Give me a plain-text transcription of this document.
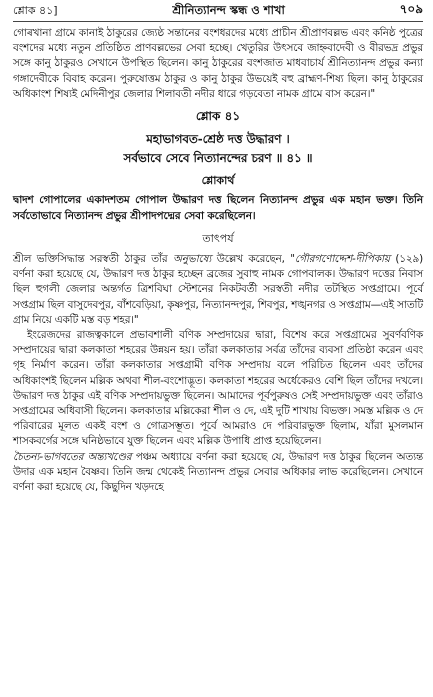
শ্লোক ৪১]	শ্রীনিত্যানন্দ স্কন্ধ ও শাখা	৭০৯

গোৰখানা গ্রামে কানাই ঠাকুরের জ্যেষ্ঠ সন্তানের বংশধরদের মধ্যে প্রাচীন শ্রীপ্রাণবল্লভ এবং কনিষ্ঠ পুত্রের বংশদের মধ্যে নতুন প্রতিষ্ঠিত প্রাণবল্লভের সেবা হচ্ছে। খেতুরির উৎসবে জাহ্নবাদেবী ও বীরভদ্র প্রভুর সঙ্গে কানু ঠাকুরও সেখানে উপস্থিত ছিলেন। কানু ঠাকুরের বংশজাত মাধবাচার্য শ্রীনিত্যানন্দ প্রভুর কন্যা গঙ্গাদেবীকে বিবাহ করেন। পুরুষোত্তম ঠাকুর ও কানু ঠাকুর উভয়েই বহু ব্রাহ্মণ-শিষ্য ছিল। কানু ঠাকুরের অধিকাংশ শিষ্যই মেদিনীপুর জেলার শিলাবতী নদীর ধারে গড়বেতা নামক গ্রামে বাস করেন।"

শ্লোক ৪১
মহাভাগবত-শ্রেষ্ঠ দত্ত উদ্ধারণ ।
সর্বভাবে সেবে নিত্যানন্দের চরণ ॥ ৪১ ॥
শ্লোকার্থ

দ্বাদশ গোপালের একাদশতম গোপাল উদ্ধারণ দত্ত ছিলেন নিত্যানন্দ প্রভুর এক মহান ভক্ত। তিনি সর্বতোভাবে নিত্যানন্দ প্রভুর শ্রীপাদপদ্মের সেবা করেছিলেন।

তাৎপর্য

শ্রীল ভক্তিসিদ্ধান্ত সরস্বতী ঠাকুর তাঁর অনুভাষ্যে উল্লেখ করেছেন, "গৌরগণোদ্দেশ-দীপিকায় (১২৯) বর্ণনা করা হয়েছে যে, উদ্ধারণ দত্ত ঠাকুর হচ্ছেন ব্রজের সুবাহু নামক গোপবালক। উদ্ধারণ দত্তের নিবাস ছিল হুগলী জেলার অন্তর্গত ত্রিশবিঘা স্টেশনের নিকটবর্তী সরস্বতী নদীর তটস্থিত সপ্তগ্রামে। পূর্বে সপ্তগ্রাম ছিল বাসুদেবপুর, বাঁশবেড়িয়া, কৃষ্ণপুর, নিত্যানন্দপুর, শিবপুর, শঙ্খনগর ও সপ্তগ্রাম—এই সাতটি গ্রাম নিয়ে একটি মস্ত বড় শহর।"

ইংরেজদের রাজত্বকালে প্রভাবশালী বণিক সম্প্রদায়ের দ্বারা, বিশেষ করে সপ্তগ্রামের সুবর্ণবণিক সম্প্রদায়ের দ্বারা কলকাতা শহরের উন্নয়ন হয়। তাঁরা কলকাতার সর্বত্র তাঁদের ব্যবসা প্রতিষ্ঠা করেন এবং গৃহ নির্মাণ করেন। তাঁরা কলকাতার সপ্তগ্রামী বণিক সম্প্রদায় বলে পরিচিত ছিলেন এবং তাঁদের অধিকাংশই ছিলেন মল্লিক অথবা শীল-বংশোদ্ভূত। কলকাতা শহরের অর্ধেকেরও বেশি ছিল তাঁদের দখলে। উদ্ধারণ দত্ত ঠাকুর এই বণিক সম্প্রদায়ভুক্ত ছিলেন। আমাদের পূর্বপুরুষও সেই সম্প্রদায়ভুক্ত এবং তাঁরাও সপ্তগ্রামের অধিবাসী ছিলেন। কলকাতার মল্লিকেরা শীল ও দে, এই দুটি শাখায় বিভক্ত। সমস্ত মল্লিক ও দে পরিবারের মূলত একই বংশ ও গোত্রসম্ভূত। পূর্বে আমরাও দে পরিবারভুক্ত ছিলাম, যাঁরা মুসলমান শাসকবর্গের সঙ্গে ঘনিষ্ঠভাবে যুক্ত ছিলেন এবং মল্লিক উপাধি প্রাপ্ত হয়েছিলেন।

চৈতন্য-ভাগবতের অন্ত্যখণ্ডের পঞ্চম অধ্যায়ে বর্ণনা করা হয়েছে যে, উদ্ধারণ দত্ত ঠাকুর ছিলেন অত্যন্ত উদার এক মহান বৈষ্ণব। তিনি জন্ম থেকেই নিত্যানন্দ প্রভুর সেবার অধিকার লাভ করেছিলেন। সেখানে বর্ণনা করা হয়েছে যে, কিছুদিন খড়দহে
